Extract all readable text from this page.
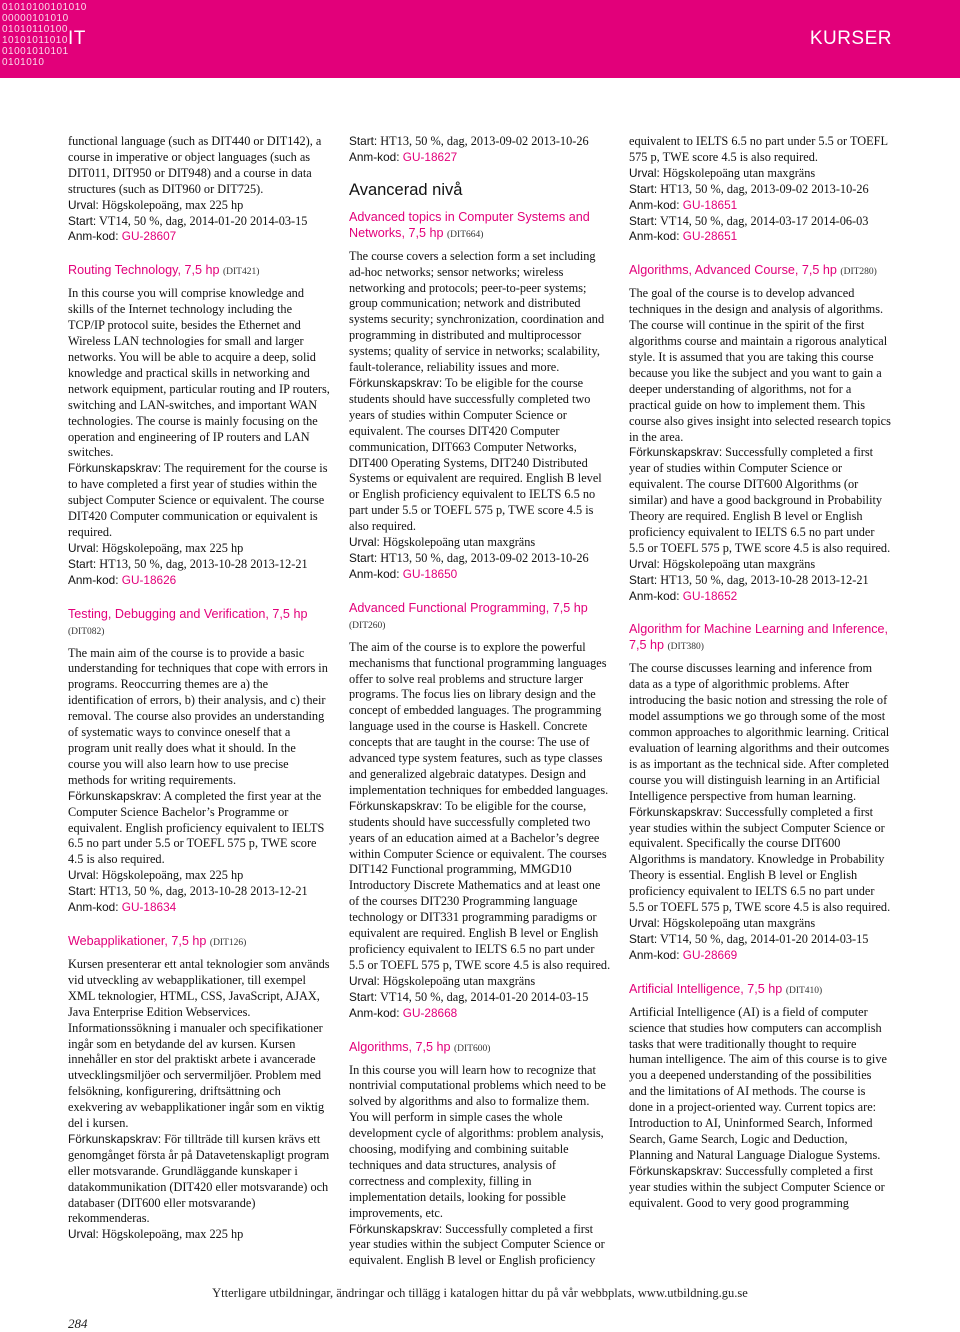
01010100101010
00000101010
01010110100
10101011010
01001010101
0101010
IT	KURSER

functional language (such as DIT440 or DIT142), a course in imperative or object languages (such as DIT011, DIT950 or DIT948) and a course in data structures (such as DIT960 or DIT725).

Urval: Högskolepoäng, max 225 hp

Start: VT14, 50 %, dag, 2014-01-20 2014-03-15

Anm-kod: GU-28607

Routing Technology, 7,5 hp (DIT421)

In this course you will comprise knowledge and skills of the Internet technology including the TCP/IP protocol suite, besides the Ethernet and Wireless LAN technologies for small and larger networks. You will be able to acquire a deep, solid knowledge and practical skills in networking and network equipment, particular routing and IP routers, switching and LAN-switches, and important WAN technologies. The course is mainly focusing on the operation and engineering of IP routers and LAN switches.

Förkunskapskrav: The requirement for the course is to have completed a first year of studies within the subject Computer Science or equivalent. The course DIT420 Computer communication or equivalent is required.

Urval: Högskolepoäng, max 225 hp

Start: HT13, 50 %, dag, 2013-10-28 2013-12-21

Anm-kod: GU-18626

Testing, Debugging and Verification, 7,5 hp
(DIT082)

The main aim of the course is to provide a basic understanding for techniques that cope with errors in programs. Reoccurring themes are a) the identification of errors, b) their analysis, and c) their removal. The course also provides an understanding of systematic ways to convince oneself that a program unit really does what it should. In the course you will also learn how to use precise methods for writing requirements.

Förkunskapskrav: A completed the first year at the Computer Science Bachelor’s Programme or equivalent. English proficiency equivalent to IELTS 6.5 no part under 5.5 or TOEFL 575 p, TWE score 4.5 is also required.

Urval: Högskolepoäng, max 225 hp

Start: HT13, 50 %, dag, 2013-10-28 2013-12-21

Anm-kod: GU-18634

Webapplikationer, 7,5 hp (DIT126)

Kursen presenterar ett antal teknologier som används vid utveckling av webapplikationer, till exempel XML teknologier, HTML, CSS, JavaScript, AJAX, Java Enterprise Edition Webservices. Informationssökning i manualer och specifikationer ingår som en betydande del av kursen. Kursen innehåller en stor del praktiskt arbete i avancerade utvecklingsmiljöer och servermiljöer. Problem med felsökning, konfigurering, driftsättning och exekvering av webapplikationer ingår som en viktig del i kursen.

Förkunskapskrav: För tillträde till kursen krävs ett genomgånget första år på Datavetenskapligt program eller motsvarande. Grundläggande kunskaper i datakommunikation (DIT420 eller motsvarande) och databaser (DIT600 eller motsvarande) rekommenderas.

Urval: Högskolepoäng, max 225 hp

Start: HT13, 50 %, dag, 2013-09-02 2013-10-26

Anm-kod: GU-18627

Avancerad nivå
Advanced topics in Computer Systems and Networks, 7,5 hp (DIT664)

The course covers a selection form a set including ad-hoc networks; sensor networks; wireless networking and protocols; peer-to-peer systems; group communication; network and distributed systems security; synchronization, coordination and programming in distributed and multiprocessor systems; quality of service in networks; scalability, fault-tolerance, reliability issues and more.

Förkunskapskrav: To be eligible for the course students should have successfully completed two years of studies within Computer Science or equivalent. The courses DIT420 Computer communication, DIT663 Computer Networks, DIT400 Operating Systems, DIT240 Distributed Systems or equivalent are required. English B level or English proficiency equivalent to IELTS 6.5 no part under 5.5 or TOEFL 575 p, TWE score 4.5 is also required.

Urval: Högskolepoäng utan maxgräns

Start: HT13, 50 %, dag, 2013-09-02 2013-10-26

Anm-kod: GU-18650

Advanced Functional Programming, 7,5 hp
(DIT260)

The aim of the course is to explore the powerful mechanisms that functional programming languages offer to solve real problems and structure larger programs. The focus lies on library design and the concept of embedded languages. The programming language used in the course is Haskell. Concrete concepts that are taught in the course: The use of advanced type system features, such as type classes and generalized algebraic datatypes. Design and implementation techniques for embedded languages.

Förkunskapskrav: To be eligible for the course, students should have successfully completed two years of an education aimed at a Bachelor’s degree within Computer Science or equivalent. The courses DIT142 Functional programming, MMGD10 Introductory Discrete Mathematics and at least one of the courses DIT230 Programming language technology or DIT331 programming paradigms or equivalent are required. English B level or English proficiency equivalent to IELTS 6.5 no part under 5.5 or TOEFL 575 p, TWE score 4.5 is also required.

Urval: Högskolepoäng utan maxgräns

Start: VT14, 50 %, dag, 2014-01-20 2014-03-15

Anm-kod: GU-28668

Algorithms, 7,5 hp (DIT600)

In this course you will learn how to recognize that nontrivial computational problems which need to be solved by algorithms and also to formalize them. You will perform in simple cases the whole development cycle of algorithms: problem analysis, choosing, modifying and combining suitable techniques and data structures, analysis of correctness and complexity, filling in implementation details, looking for possible improvements, etc.

Förkunskapskrav: Successfully completed a first year studies within the subject Computer Science or equivalent. English B level or English proficiency

equivalent to IELTS 6.5 no part under 5.5 or TOEFL 575 p, TWE score 4.5 is also required.

Urval: Högskolepoäng utan maxgräns

Start: HT13, 50 %, dag, 2013-09-02 2013-10-26

Anm-kod: GU-18651

Start: VT14, 50 %, dag, 2014-03-17 2014-06-03

Anm-kod: GU-28651

Algorithms, Advanced Course, 7,5 hp (DIT280)

The goal of the course is to develop advanced techniques in the design and analysis of algorithms. The course will continue in the spirit of the first algorithms course and maintain a rigorous analytical style. It is assumed that you are taking this course because you like the subject and you want to gain a deeper understanding of algorithms, not for a practical guide on how to implement them. This course also gives insight into selected research topics in the area.

Förkunskapskrav: Successfully completed a first year of studies within Computer Science or equivalent. The course DIT600 Algorithms (or similar) and have a good background in Probability Theory are required. English B level or English proficiency equivalent to IELTS 6.5 no part under 5.5 or TOEFL 575 p, TWE score 4.5 is also required.

Urval: Högskolepoäng utan maxgräns

Start: HT13, 50 %, dag, 2013-10-28 2013-12-21

Anm-kod: GU-18652

Algorithm for Machine Learning and Inference, 7,5 hp (DIT380)

The course discusses learning and inference from data as a type of algorithmic problems. After introducing the basic notion and stressing the role of model assumptions we go through some of the most common approaches to algorithmic learning. Critical evaluation of learning algorithms and their outcomes is as important as the technical side. After completed course you will distinguish learning in an Artificial Intelligence perspective from human learning.

Förkunskapskrav: Successfully completed a first year studies within the subject Computer Science or equivalent. Specifically the course DIT600 Algorithms is mandatory. Knowledge in Probability Theory is essential. English B level or English proficiency equivalent to IELTS 6.5 no part under 5.5 or TOEFL 575 p, TWE score 4.5 is also required.

Urval: Högskolepoäng utan maxgräns

Start: VT14, 50 %, dag, 2014-01-20 2014-03-15

Anm-kod: GU-28669

Artificial Intelligence, 7,5 hp (DIT410)

Artificial Intelligence (AI) is a field of computer science that studies how computers can accomplish tasks that were traditionally thought to require human intelligence. The aim of this course is to give you a deepened understanding of the possibilities and the limitations of AI methods. The course is done in a project-oriented way. Current topics are: Introduction to AI, Uninformed Search, Informed Search, Game Search, Logic and Deduction, Planning and Natural Language Dialogue Systems.

Förkunskapskrav: Successfully completed a first year studies within the subject Computer Science or equivalent. Good to very good programming

Ytterligare utbildningar, ändringar och tillägg i katalogen hittar du på vår webbplats, www.utbildning.gu.se
284
